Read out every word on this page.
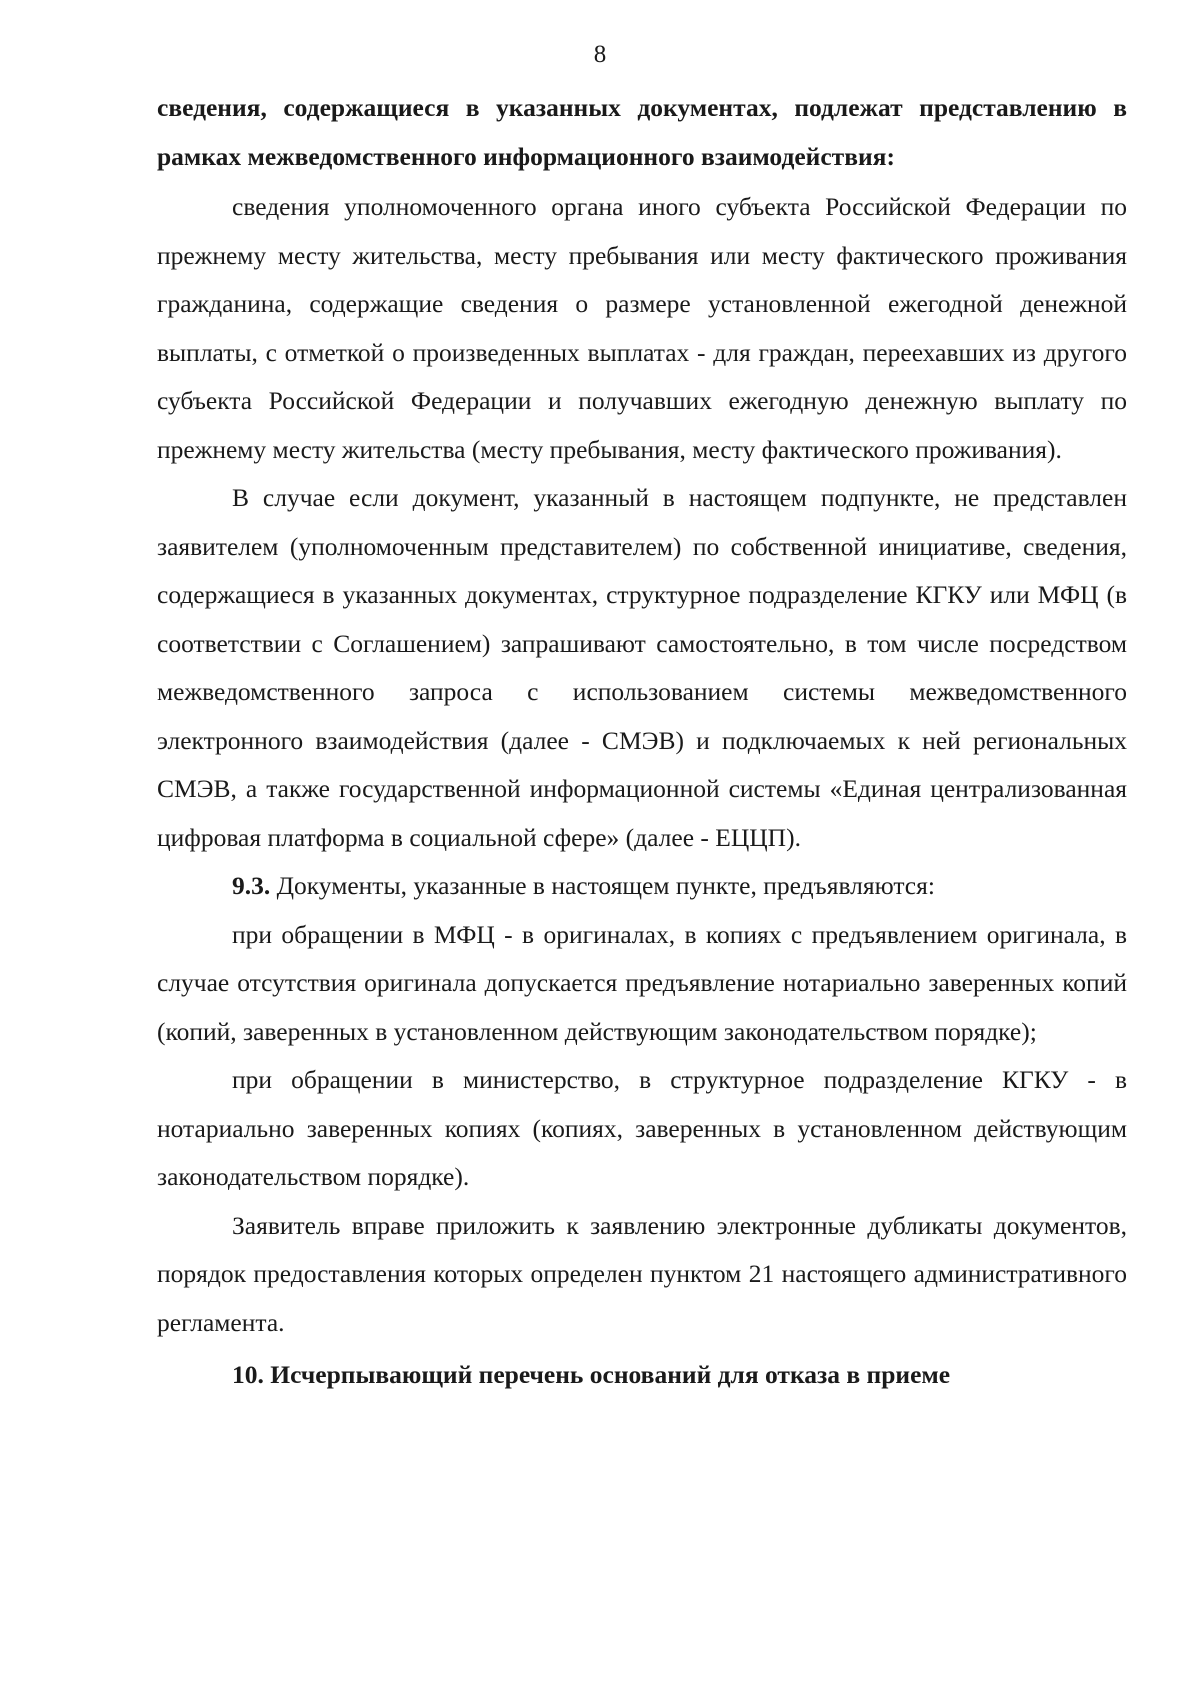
8

сведения, содержащиеся в указанных документах, подлежат представлению в рамках межведомственного информационного взаимодействия:

сведения уполномоченного органа иного субъекта Российской Федерации по прежнему месту жительства, месту пребывания или месту фактического проживания гражданина, содержащие сведения о размере установленной ежегодной денежной выплаты, с отметкой о произведенных выплатах - для граждан, переехавших из другого субъекта Российской Федерации и получавших ежегодную денежную выплату по прежнему месту жительства (месту пребывания, месту фактического проживания).

В случае если документ, указанный в настоящем подпункте, не представлен заявителем (уполномоченным представителем) по собственной инициативе, сведения, содержащиеся в указанных документах, структурное подразделение КГКУ или МФЦ (в соответствии с Соглашением) запрашивают самостоятельно, в том числе посредством межведомственного запроса с использованием системы межведомственного электронного взаимодействия (далее - СМЭВ) и подключаемых к ней региональных СМЭВ, а также государственной информационной системы «Единая централизованная цифровая платформа в социальной сфере» (далее - ЕЦЦП).

9.3. Документы, указанные в настоящем пункте, предъявляются:

при обращении в МФЦ - в оригиналах, в копиях с предъявлением оригинала, в случае отсутствия оригинала допускается предъявление нотариально заверенных копий (копий, заверенных в установленном действующим законодательством порядке);

при обращении в министерство, в структурное подразделение КГКУ - в нотариально заверенных копиях (копиях, заверенных в установленном действующим законодательством порядке).

Заявитель вправе приложить к заявлению электронные дубликаты документов, порядок предоставления которых определен пунктом 21 настоящего административного регламента.

10. Исчерпывающий перечень оснований для отказа в приеме
